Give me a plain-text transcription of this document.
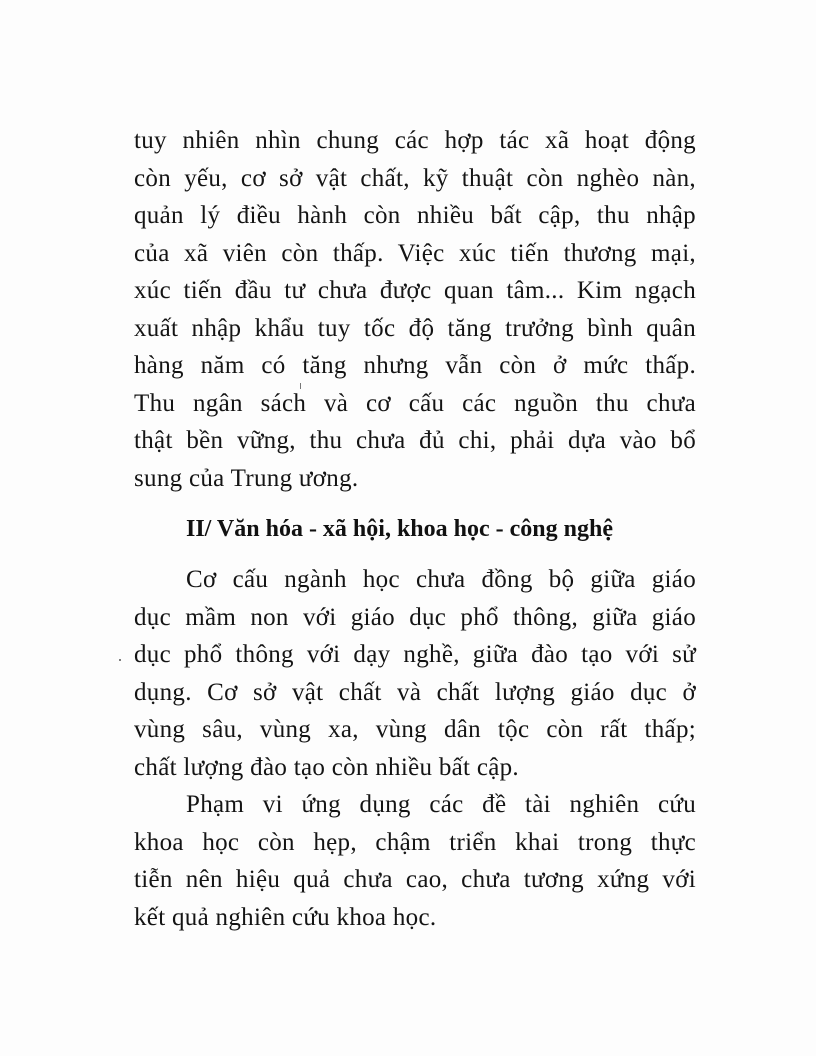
tuy nhiên nhìn chung các hợp tác xã hoạt động
còn yếu, cơ sở vật chất, kỹ thuật còn nghèo nàn,
quản lý điều hành còn nhiều bất cập, thu nhập
của xã viên còn thấp. Việc xúc tiến thương mại,
xúc tiến đầu tư chưa được quan tâm... Kim ngạch
xuất nhập khẩu tuy tốc độ tăng trưởng bình quân
hàng năm có tăng nhưng vẫn còn ở mức thấp.
Thu ngân sách và cơ cấu các nguồn thu chưa
thật bền vững, thu chưa đủ chi, phải dựa vào bổ
sung của Trung ương.
II/ Văn hóa - xã hội, khoa học - công nghệ
Cơ cấu ngành học chưa đồng bộ giữa giáo
dục mầm non với giáo dục phổ thông, giữa giáo
dục phổ thông với dạy nghề, giữa đào tạo với sử
dụng. Cơ sở vật chất và chất lượng giáo dục ở
vùng sâu, vùng xa, vùng dân tộc còn rất thấp;
chất lượng đào tạo còn nhiều bất cập.
Phạm vi ứng dụng các đề tài nghiên cứu
khoa học còn hẹp, chậm triển khai trong thực
tiễn nên hiệu quả chưa cao, chưa tương xứng với
kết quả nghiên cứu khoa học.
